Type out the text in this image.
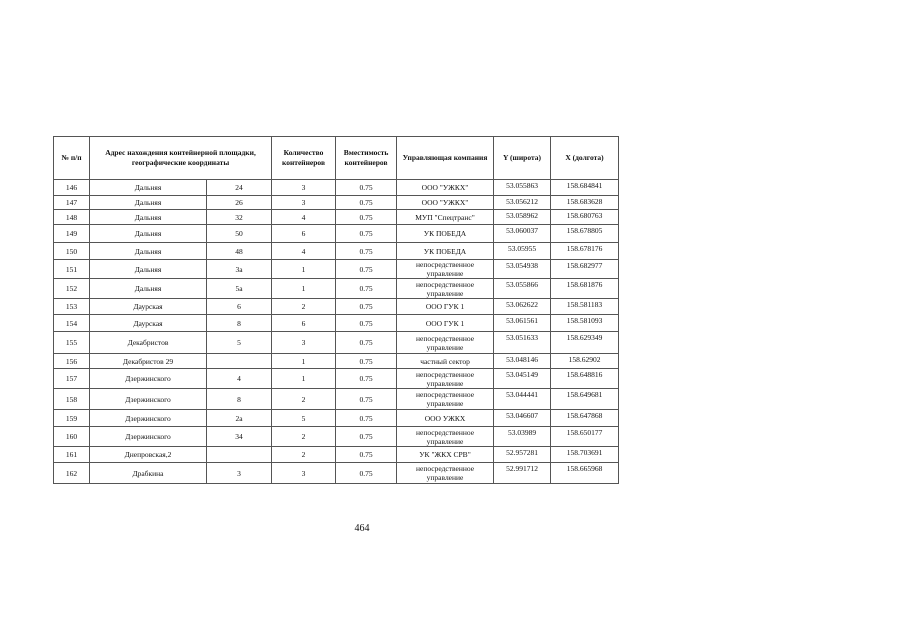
№ п/п	Адрес нахождения контейнерной площадки, географические координаты		Количество контейнеров	Вместимость контейнеров	Управляющая компания	Y (широта)	X (долгота)
146	Дальняя	24	3	0.75	ООО "УЖКХ"	53.055863	158.684841
147	Дальняя	26	3	0.75	ООО "УЖКХ"	53.056212	158.683628
148	Дальняя	32	4	0.75	МУП "Спецтранс"	53.058962	158.680763
149	Дальняя	50	6	0.75	УК ПОБЕДА	53.060037	158.678805
150	Дальняя	48	4	0.75	УК ПОБЕДА	53.05955	158.678176
151	Дальняя	3а	1	0.75	непосредственное управление	53.054938	158.682977
152	Дальняя	5а	1	0.75	непосредственное управление	53.055866	158.681876
153	Даурская	6	2	0.75	ООО ГУК 1	53.062622	158.581183
154	Даурская	8	6	0.75	ООО ГУК 1	53.061561	158.581093
155	Декабристов	5	3	0.75	непосредственное управление	53.051633	158.629349
156	Декабристов 29		1	0.75	частный сектор	53.048146	158.62902
157	Дзержинского	4	1	0.75	непосредственное управление	53.045149	158.648816
158	Дзержинского	8	2	0.75	непосредственное управление	53.044441	158.649681
159	Дзержинского	2а	5	0.75	ООО УЖКХ	53.046607	158.647868
160	Дзержинского	34	2	0.75	непосредственное управление	53.03989	158.650177
161	Днепровская,2		2	0.75	УК "ЖКХ СРВ"	52.957281	158.703691
162	Драбкина	3	3	0.75	непосредственное управление	52.991712	158.665968
464
